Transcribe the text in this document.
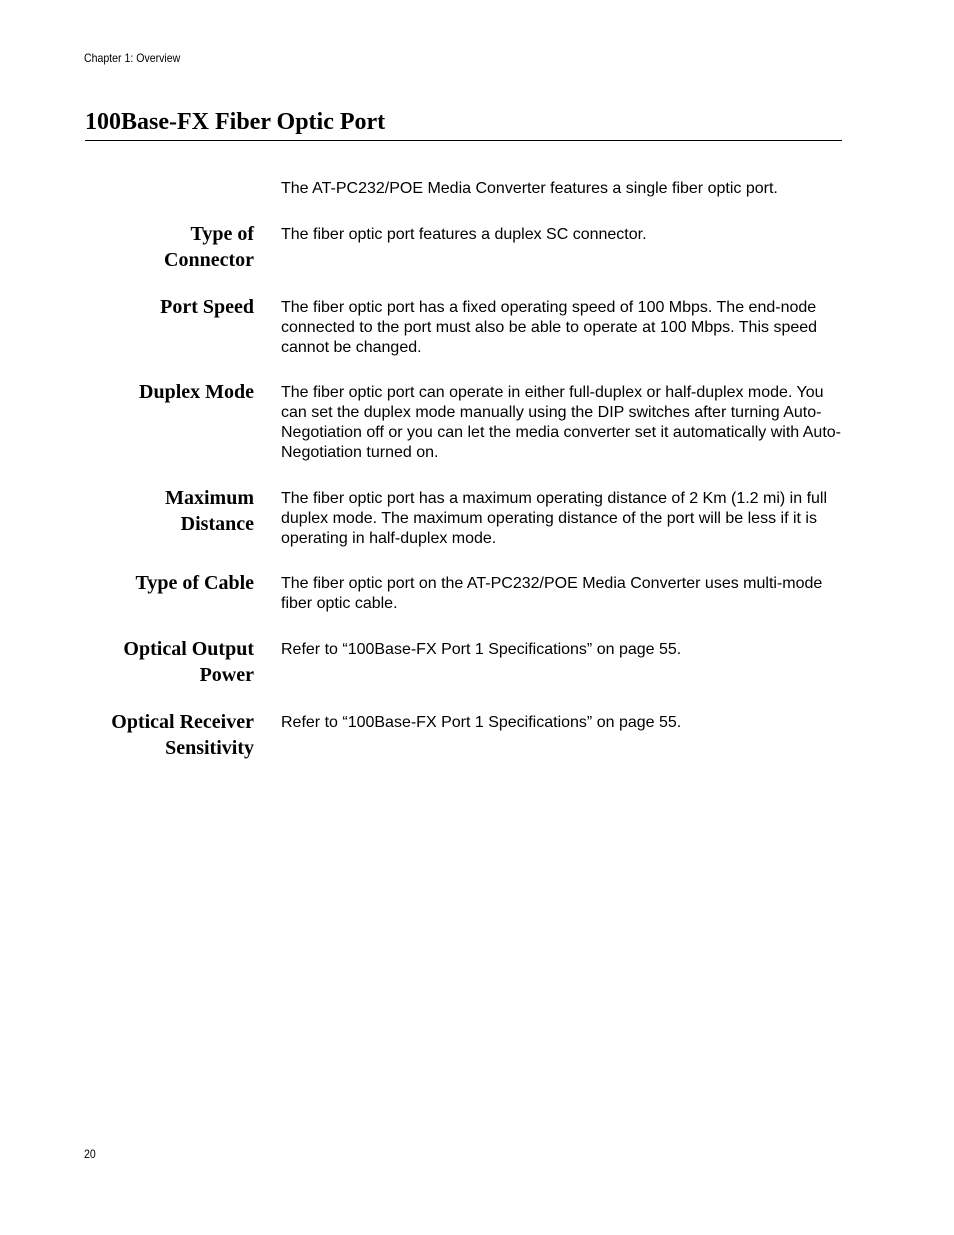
Chapter 1: Overview
100Base-FX Fiber Optic Port

The AT-PC232/POE Media Converter features a single fiber optic port.

Type of
Connector

The fiber optic port features a duplex SC connector.

Port Speed The fiber optic port has a fixed operating speed of 100 Mbps. The end-node connected to the port must also be able to operate at 100 Mbps. This speed cannot be changed.

Duplex Mode The fiber optic port can operate in either full-duplex or half-duplex mode. You can set the duplex mode manually using the DIP switches after turning Auto-Negotiation off or you can let the media converter set it automatically with Auto-Negotiation turned on.

Maximum
Distance

The fiber optic port has a maximum operating distance of 2 Km (1.2 mi) in full duplex mode. The maximum operating distance of the port will be less if it is operating in half-duplex mode.

Type of Cable The fiber optic port on the AT-PC232/POE Media Converter uses multi-mode fiber optic cable.

Optical Output
Power

Refer to “100Base-FX Port 1 Specifications” on page 55.

Optical Receiver
Sensitivity

Refer to “100Base-FX Port 1 Specifications” on page 55.

20
